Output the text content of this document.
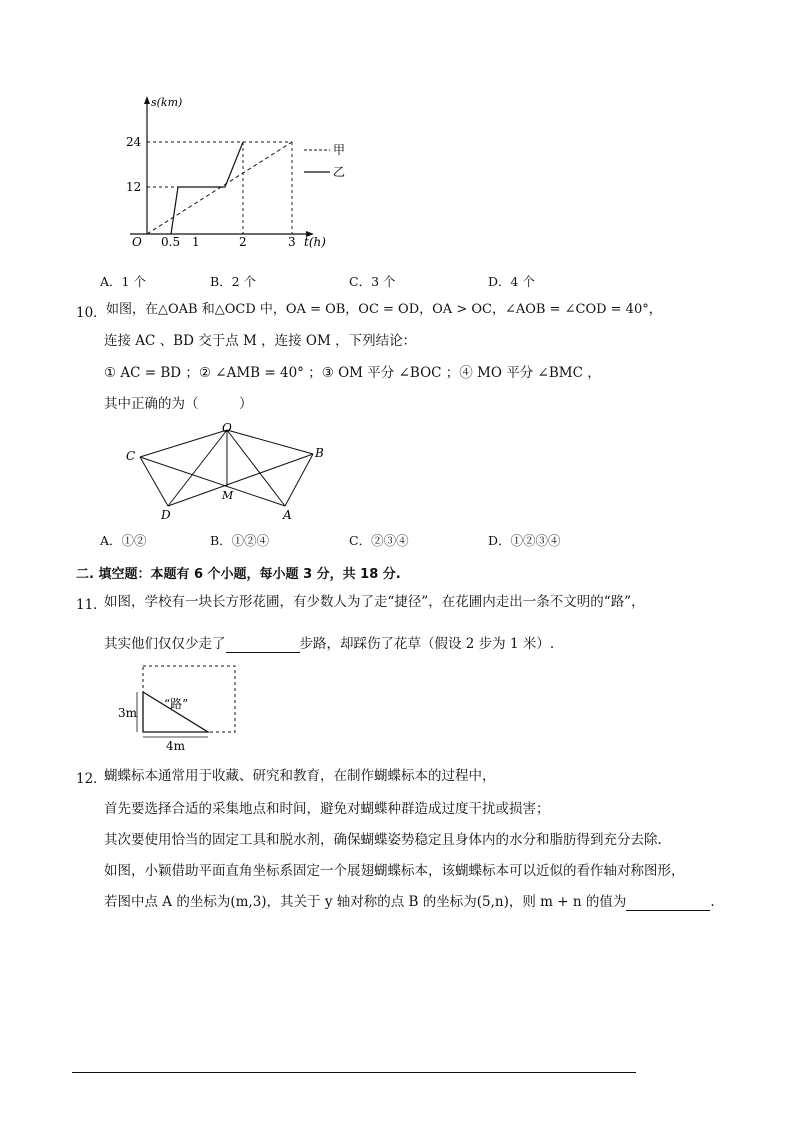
s(km)
24
12
O 0.5 1	2	3 t(h)
甲
乙
A．1 个	B．2 个	C．3 个	D．4 个
10． 如图，在△OAB 和△OCD 中，OA = OB，OC = OD，OA > OC，∠AOB = ∠COD = 40°，
连接 AC 、BD 交于点 M ，连接 OM ，下列结论：
① AC = BD ；② ∠AMB = 40° ；③ OM 平分 ∠BOC ；④ MO 平分 ∠BMC ，
其中正确的为（　　　）
O
C	B
M
D	A
A．①②	B．①②④	C．②③④	D．①②③④
二. 填空题：本题有 6 个小题，每小题 3 分，共 18 分.
11．
如图，学校有一块长方形花圃，有少数人为了走“捷径”，在花圃内走出一条不文明的“路”，
其实他们仅仅少走了	步路，却踩伤了花草（假设 2 步为 1 米）.
“路”
3m
4m
12．
蝴蝶标本通常用于收藏、研究和教育，在制作蝴蝶标本的过程中，
首先要选择合适的采集地点和时间，避免对蝴蝶种群造成过度干扰或损害；
其次要使用恰当的固定工具和脱水剂，确保蝴蝶姿势稳定且身体内的水分和脂肪得到充分去除.
如图，小颖借助平面直角坐标系固定一个展翅蝴蝶标本，该蝴蝶标本可以近似的看作轴对称图形，
若图中点 A 的坐标为(m,3)，其关于 y 轴对称的点 B 的坐标为(5,n)，则 m + n 的值为	.
